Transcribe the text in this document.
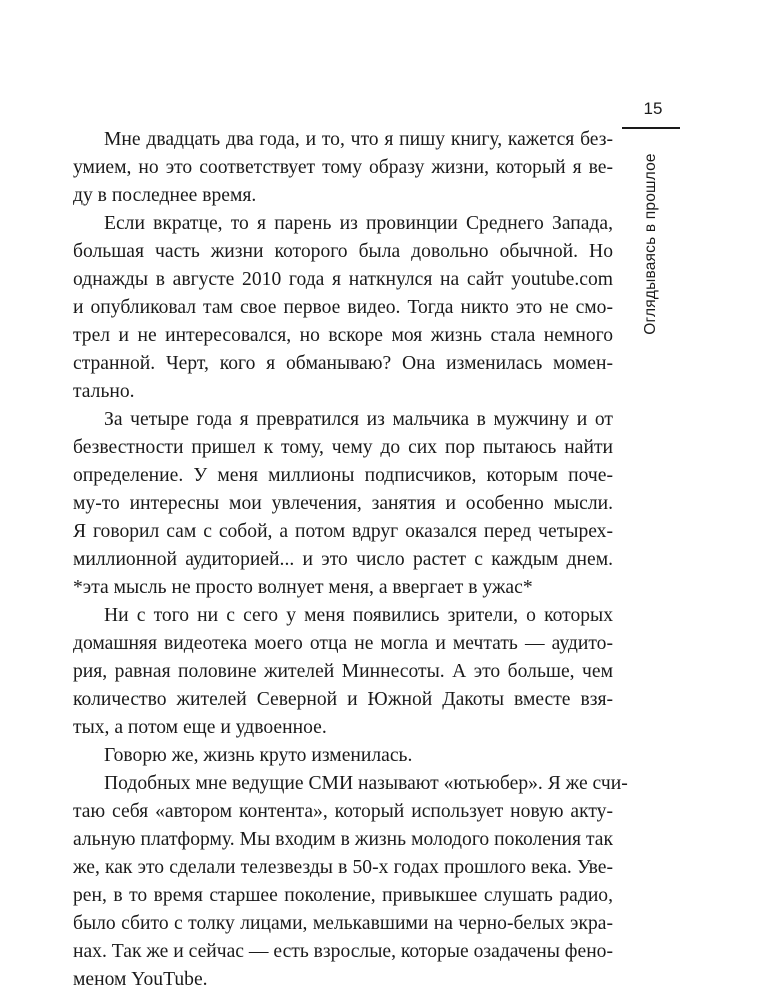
15
Оглядываясь в прошлое
Мне двадцать два года, и то, что я пишу книгу, кажется без-
умием, но это соответствует тому образу жизни, который я ве-
ду в последнее время.
Если вкратце, то я парень из провинции Среднего Запада,
большая часть жизни которого была довольно обычной. Но
однажды в августе 2010 года я наткнулся на сайт youtube.com
и опубликовал там свое первое видео. Тогда никто это не смо-
трел и не интересовался, но вскоре моя жизнь стала немного
странной. Черт, кого я обманываю? Она изменилась момен-
тально.
За четыре года я превратился из мальчика в мужчину и от
безвестности пришел к тому, чему до сих пор пытаюсь найти
определение. У меня миллионы подписчиков, которым поче-
му-то интересны мои увлечения, занятия и особенно мысли.
Я говорил сам с собой, а потом вдруг оказался перед четырех-
миллионной аудиторией... и это число растет с каждым днем.
*эта мысль не просто волнует меня, а ввергает в ужас*
Ни с того ни с сего у меня появились зрители, о которых
домашняя видеотека моего отца не могла и мечтать — аудито-
рия, равная половине жителей Миннесоты. А это больше, чем
количество жителей Северной и Южной Дакоты вместе взя-
тых, а потом еще и удвоенное.
Говорю же, жизнь круто изменилась.
Подобных мне ведущие СМИ называют «ютьюбер». Я же счи-
таю себя «автором контента», который использует новую акту-
альную платформу. Мы входим в жизнь молодого поколения так
же, как это сделали телезвезды в 50-х годах прошлого века. Уве-
рен, в то время старшее поколение, привыкшее слушать радио,
было сбито с толку лицами, мелькавшими на черно-белых экра-
нах. Так же и сейчас — есть взрослые, которые озадачены фено-
меном YouTube.
